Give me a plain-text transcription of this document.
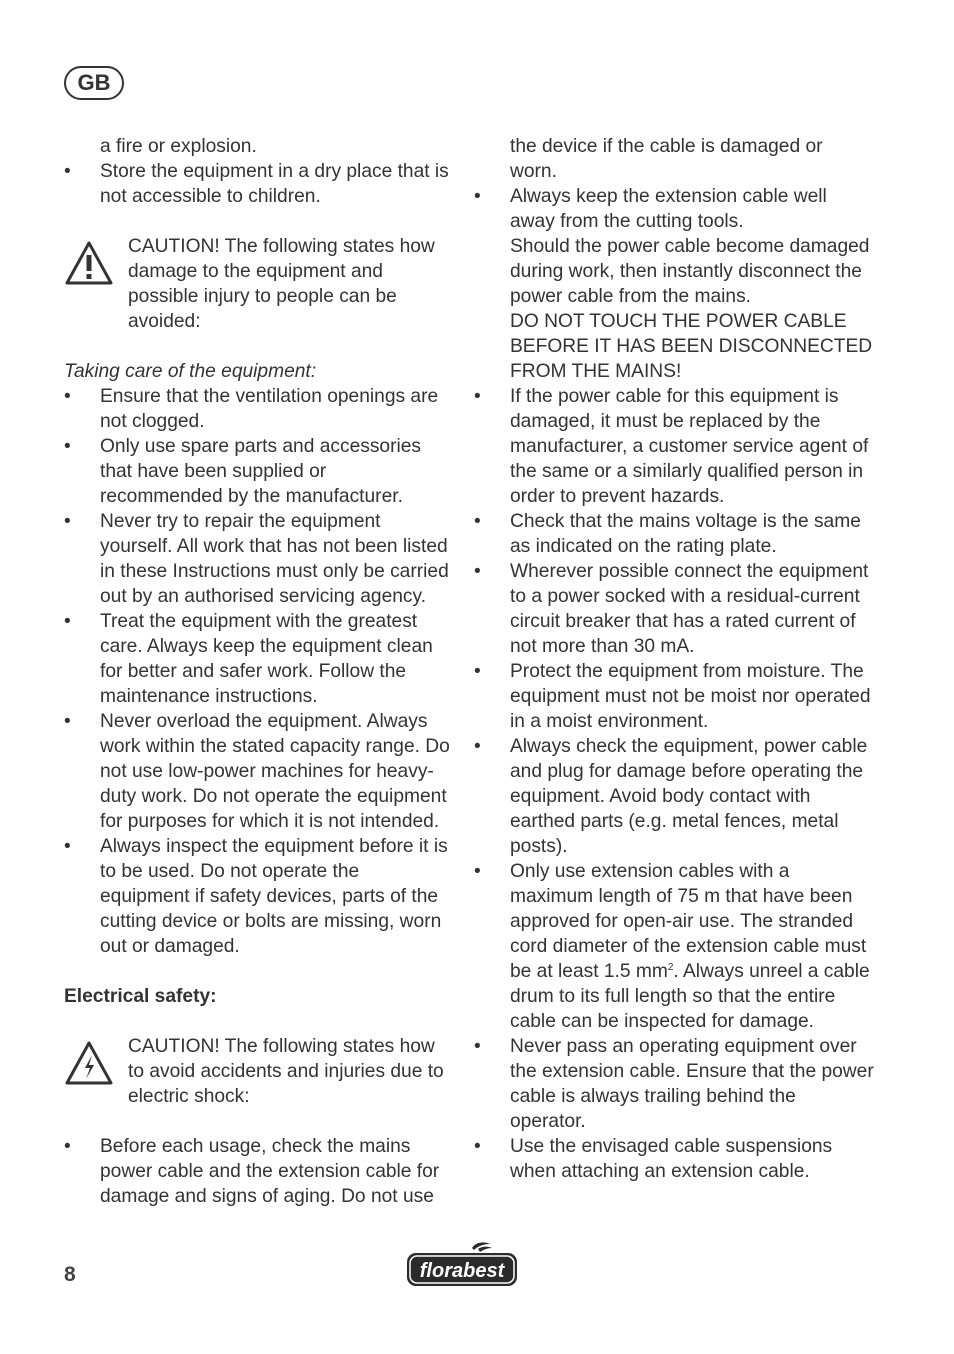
GB

a fire or explosion.

• Store the equipment in a dry place that is not accessible to children.
CAUTION! The following states how damage to the equipment and possible injury to people can be avoided:
Taking care of the equipment:
• Ensure that the ventilation openings are not clogged.
• Only use spare parts and accessories that have been supplied or recommended by the manufacturer.
• Never try to repair the equipment yourself. All work that has not been listed in these Instructions must only be carried out by an authorised servicing agency.
• Treat the equipment with the greatest care. Always keep the equipment clean for better and safer work. Follow the maintenance instructions.
• Never overload the equipment. Always work within the stated capacity range. Do not use low-power machines for heavy-duty work. Do not operate the equipment for purposes for which it is not intended.
• Always inspect the equipment before it is to be used. Do not operate the equipment if safety devices, parts of the cutting device or bolts are missing, worn out or damaged.
Electrical safety:
CAUTION! The following states how to avoid accidents and injuries due to electric shock:
• Before each usage, check the mains power cable and the extension cable for damage and signs of aging. Do not use

the device if the cable is damaged or worn.

• Always keep the extension cable well away from the cutting tools.
Should the power cable become damaged during work, then instantly disconnect the power cable from the mains.
DO NOT TOUCH THE POWER CABLE BEFORE IT HAS BEEN DISCONNECTED FROM THE MAINS!
• If the power cable for this equipment is damaged, it must be replaced by the manufacturer, a customer service agent of the same or a similarly qualified person in order to prevent hazards.
• Check that the mains voltage is the same as indicated on the rating plate.
• Wherever possible connect the equipment to a power socked with a residual-current circuit breaker that has a rated current of not more than 30 mA.
• Protect the equipment from moisture. The equipment must not be moist nor operated in a moist environment.
• Always check the equipment, power cable and plug for damage before operating the equipment. Avoid body contact with earthed parts (e.g. metal fences, metal posts).
• Only use extension cables with a maximum length of 75 m that have been approved for open-air use. The stranded cord diameter of the extension cable must be at least 1.5 $mm^2$. Always unreel a cable drum to its full length so that the entire cable can be inspected for damage.
• Never pass an operating equipment over the extension cable. Ensure that the power cable is always trailing behind the operator.
• Use the envisaged cable suspensions when attaching an extension cable.
8	florabest
